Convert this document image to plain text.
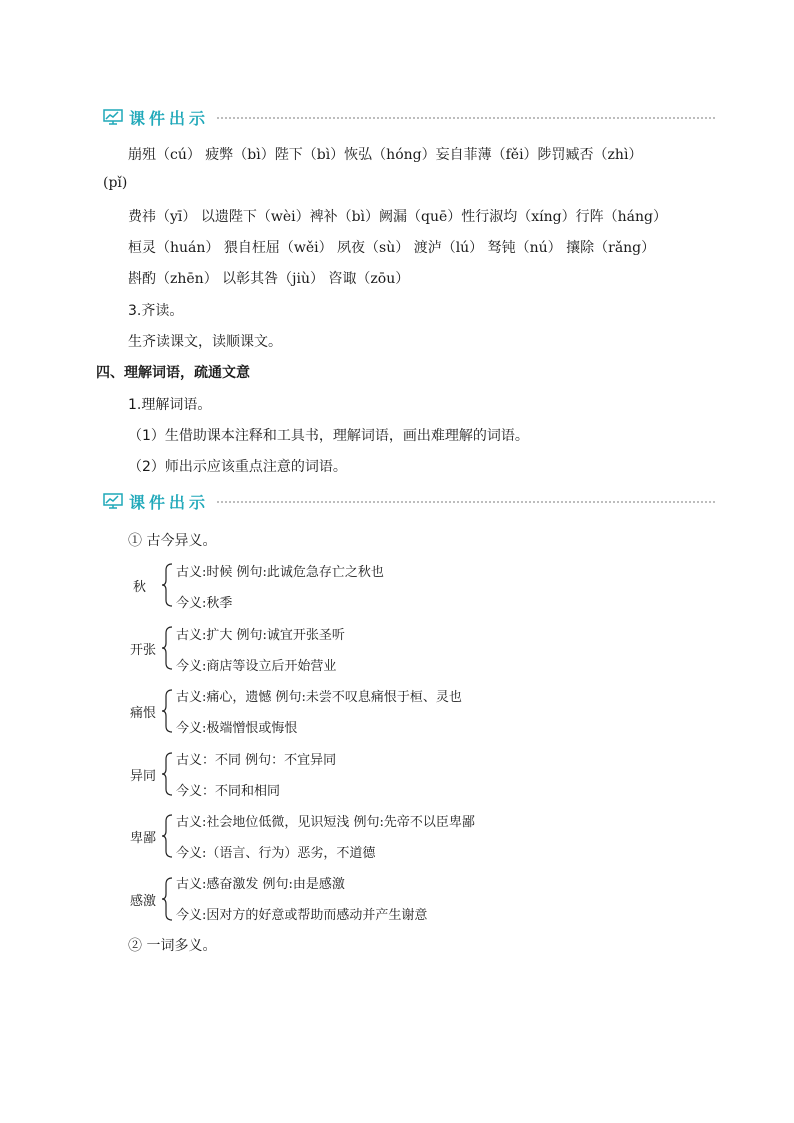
课件出示
崩殂（cú） 疲弊（bì）陛下（bì）恢弘（hóng）妄自菲薄（fěi）陟罚臧否（zhì）
(pǐ)
费祎（yī） 以遗陛下（wèi）裨补（bì）阙漏（quē）性行淑均（xíng）行阵（háng）
桓灵（huán） 猥自枉屈（wěi） 夙夜（sù） 渡泸（lú） 驽钝（nú） 攘除（rǎng）
斟酌（zhēn） 以彰其咎（jiù） 咨诹（zōu）
3.齐读。
生齐读课文，读顺课文。
四、理解词语，疏通文意
1.理解词语。
（1）生借助课本注释和工具书，理解词语，画出难理解的词语。
（2）师出示应该重点注意的词语。
课件出示
① 古今异义。
秋
古义:时候 例句:此诚危急存亡之秋也
今义:秋季
开张
古义:扩大 例句:诚宜开张圣听
今义:商店等设立后开始营业
痛恨
古义:痛心，遗憾 例句:未尝不叹息痛恨于桓、灵也
今义:极端憎恨或悔恨
异同
古义：不同 例句：不宜异同
今义：不同和相同
卑鄙
古义:社会地位低微，见识短浅 例句:先帝不以臣卑鄙
今义:（语言、行为）恶劣，不道德
感激
古义:感奋激发 例句:由是感激
今义:因对方的好意或帮助而感动并产生谢意
② 一词多义。
